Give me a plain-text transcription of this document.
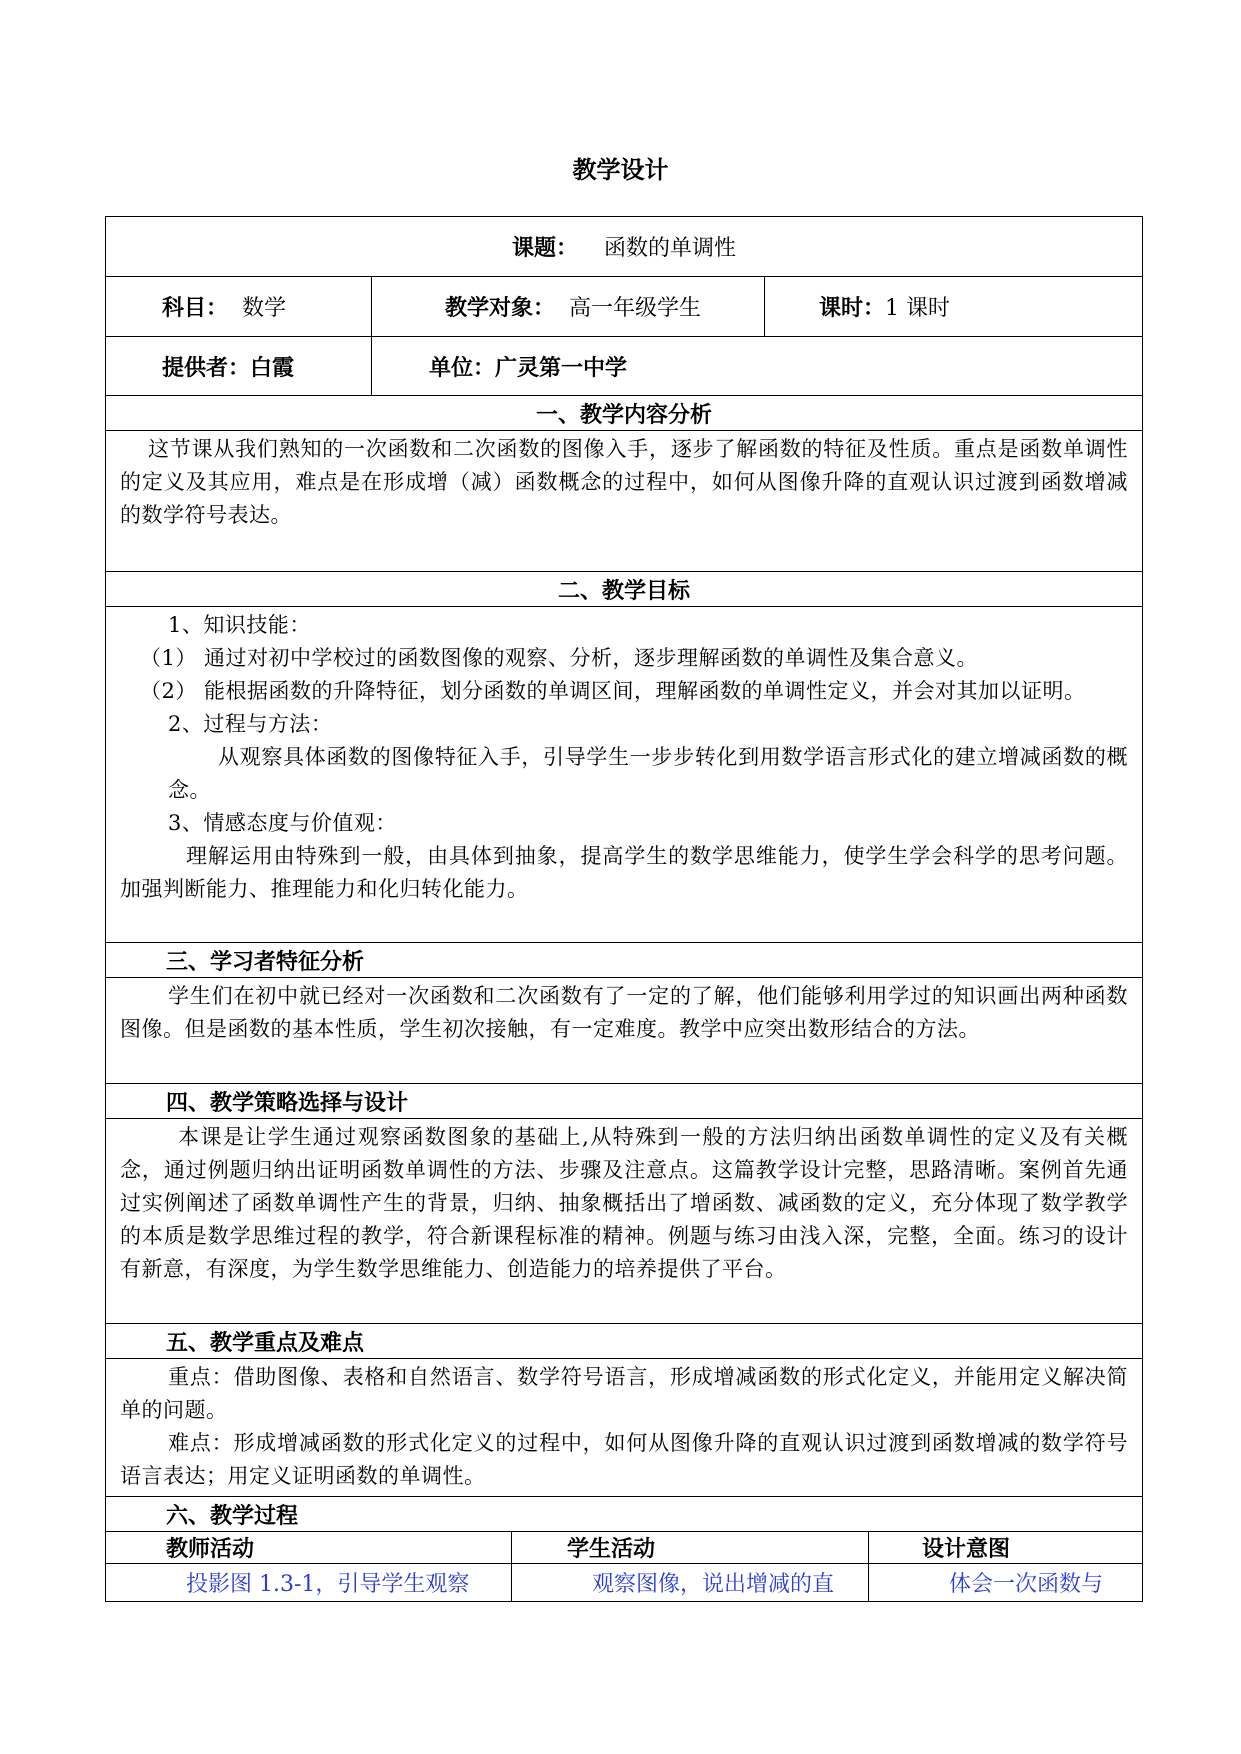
教学设计
课题： 函数的单调性
科目： 数学	教学对象： 高一年级学生	课时： 1 课时
提供者：白霞	单位：广灵第一中学
一、教学内容分析

这节课从我们熟知的一次函数和二次函数的图像入手，逐步了解函数的特征及性质。重点是函数单调性的定义及其应用，难点是在形成增（减）函数概念的过程中，如何从图像升降的直观认识过渡到函数增减的数学符号表达。

二、教学目标

1、知识技能：

（1） 通过对初中学校过的函数图像的观察、分析，逐步理解函数的单调性及集合意义。

（2） 能根据函数的升降特征，划分函数的单调区间，理解函数的单调性定义，并会对其加以证明。

2、过程与方法：

从观察具体函数的图像特征入手，引导学生一步步转化到用数学语言形式化的建立增减函数的概念。

3、情感态度与价值观：

理解运用由特殊到一般，由具体到抽象，提高学生的数学思维能力，使学生学会科学的思考问题。加强判断能力、推理能力和化归转化能力。

三、学习者特征分析

学生们在初中就已经对一次函数和二次函数有了一定的了解，他们能够利用学过的知识画出两种函数图像。但是函数的基本性质，学生初次接触，有一定难度。教学中应突出数形结合的方法。

四、教学策略选择与设计

本课是让学生通过观察函数图象的基础上,从特殊到一般的方法归纳出函数单调性的定义及有关概念，通过例题归纳出证明函数单调性的方法、步骤及注意点。这篇教学设计完整，思路清晰。案例首先通过实例阐述了函数单调性产生的背景，归纳、抽象概括出了增函数、减函数的定义，充分体现了数学教学的本质是数学思维过程的教学，符合新课程标准的精神。例题与练习由浅入深，完整，全面。练习的设计有新意，有深度，为学生数学思维能力、创造能力的培养提供了平台。

五、教学重点及难点

重点：借助图像、表格和自然语言、数学符号语言，形成增减函数的形式化定义，并能用定义解决简单的问题。

难点：形成增减函数的形式化定义的过程中，如何从图像升降的直观认识过渡到函数增减的数学符号语言表达；用定义证明函数的单调性。

六、教学过程
教师活动	学生活动	设计意图
投影图 1.3-1，引导学生观察	观察图像，说出增减的直	体会一次函数与
